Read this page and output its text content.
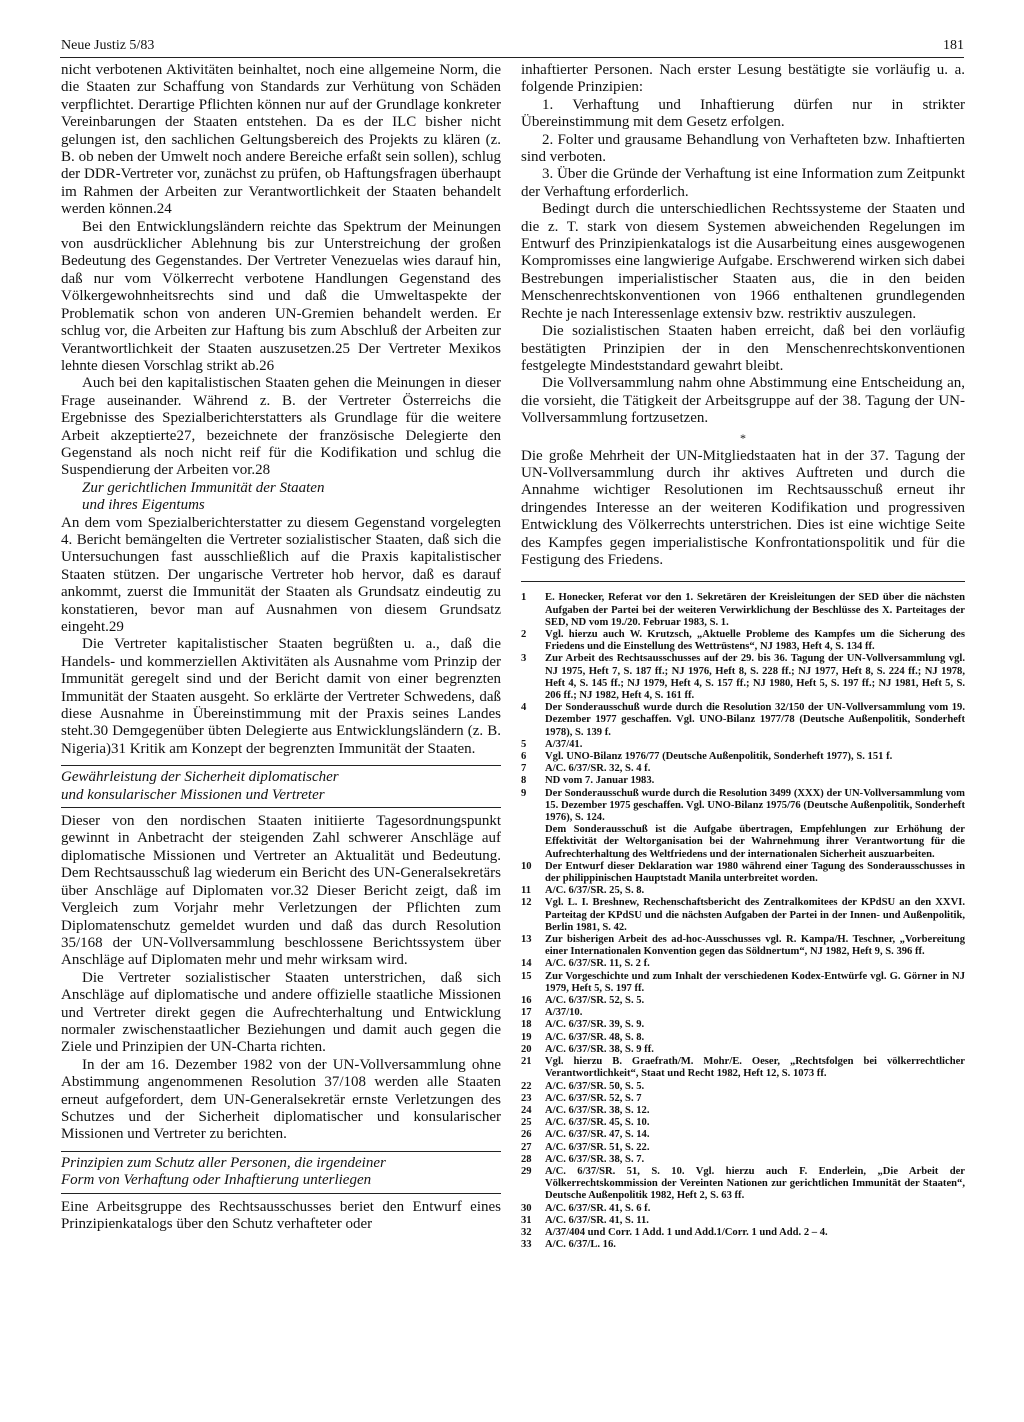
Neue Justiz 5/83	181

nicht verbotenen Aktivitäten beinhaltet, noch eine allgemeine Norm, die die Staaten zur Schaffung von Standards zur Verhütung von Schäden verpflichtet. Derartige Pflichten können nur auf der Grundlage konkreter Vereinbarungen der Staaten entstehen. Da es der ILC bisher nicht gelungen ist, den sachlichen Geltungsbereich des Projekts zu klären (z. B. ob neben der Umwelt noch andere Bereiche erfaßt sein sollen), schlug der DDR-Vertreter vor, zunächst zu prüfen, ob Haftungsfragen überhaupt im Rahmen der Arbeiten zur Verantwortlichkeit der Staaten behandelt werden können.24

Bei den Entwicklungsländern reichte das Spektrum der Meinungen von ausdrücklicher Ablehnung bis zur Unterstreichung der großen Bedeutung des Gegenstandes. Der Vertreter Venezuelas wies darauf hin, daß nur vom Völkerrecht verbotene Handlungen Gegenstand des Völkergewohnheitsrechts sind und daß die Umweltaspekte der Problematik schon von anderen UN-Gremien behandelt werden. Er schlug vor, die Arbeiten zur Haftung bis zum Abschluß der Arbeiten zur Verantwortlichkeit der Staaten auszusetzen.25 Der Vertreter Mexikos lehnte diesen Vorschlag strikt ab.26

Auch bei den kapitalistischen Staaten gehen die Meinungen in dieser Frage auseinander. Während z. B. der Vertreter Österreichs die Ergebnisse des Spezialberichterstatters als Grundlage für die weitere Arbeit akzeptierte27, bezeichnete der französische Delegierte den Gegenstand als noch nicht reif für die Kodifikation und schlug die Suspendierung der Arbeiten vor.28

Zur gerichtlichen Immunität der Staaten

und ihres Eigentums

An dem vom Spezialberichterstatter zu diesem Gegenstand vorgelegten 4. Bericht bemängelten die Vertreter sozialistischer Staaten, daß sich die Untersuchungen fast ausschließlich auf die Praxis kapitalistischer Staaten stützen. Der ungarische Vertreter hob hervor, daß es darauf ankommt, zuerst die Immunität der Staaten als Grundsatz eindeutig zu konstatieren, bevor man auf Ausnahmen von diesem Grundsatz eingeht.29

Die Vertreter kapitalistischer Staaten begrüßten u. a., daß die Handels- und kommerziellen Aktivitäten als Ausnahme vom Prinzip der Immunität geregelt sind und der Bericht damit von einer begrenzten Immunität der Staaten ausgeht. So erklärte der Vertreter Schwedens, daß diese Ausnahme in Übereinstimmung mit der Praxis seines Landes steht.30 Demgegenüber übten Delegierte aus Entwicklungsländern (z. B. Nigeria)31 Kritik am Konzept der begrenzten Immunität der Staaten.

Gewährleistung der Sicherheit diplomatischer
und konsularischer Missionen und Vertreter

Dieser von den nordischen Staaten initiierte Tagesordnungspunkt gewinnt in Anbetracht der steigenden Zahl schwerer Anschläge auf diplomatische Missionen und Vertreter an Aktualität und Bedeutung. Dem Rechtsausschuß lag wiederum ein Bericht des UN-Generalsekretärs über Anschläge auf Diplomaten vor.32 Dieser Bericht zeigt, daß im Vergleich zum Vorjahr mehr Verletzungen der Pflichten zum Diplomatenschutz gemeldet wurden und daß das durch Resolution 35/168 der UN-Vollversammlung beschlossene Berichtssystem über Anschläge auf Diplomaten mehr und mehr wirksam wird.

Die Vertreter sozialistischer Staaten unterstrichen, daß sich Anschläge auf diplomatische und andere offizielle staatliche Missionen und Vertreter direkt gegen die Aufrechterhaltung und Entwicklung normaler zwischenstaatlicher Beziehungen und damit auch gegen die Ziele und Prinzipien der UN-Charta richten.

In der am 16. Dezember 1982 von der UN-Vollversammlung ohne Abstimmung angenommenen Resolution 37/108 werden alle Staaten erneut aufgefordert, dem UN-Generalsekretär ernste Verletzungen des Schutzes und der Sicherheit diplomatischer und konsularischer Missionen und Vertreter zu berichten.

Prinzipien zum Schutz aller Personen, die irgendeiner
Form von Verhaftung oder Inhaftierung unterliegen

Eine Arbeitsgruppe des Rechtsausschusses beriet den Entwurf eines Prinzipienkatalogs über den Schutz verhafteter oder

inhaftierter Personen. Nach erster Lesung bestätigte sie vorläufig u. a. folgende Prinzipien:

1. Verhaftung und Inhaftierung dürfen nur in strikter Übereinstimmung mit dem Gesetz erfolgen.

2. Folter und grausame Behandlung von Verhafteten bzw. Inhaftierten sind verboten.

3. Über die Gründe der Verhaftung ist eine Information zum Zeitpunkt der Verhaftung erforderlich.

Bedingt durch die unterschiedlichen Rechtssysteme der Staaten und die z. T. stark von diesem Systemen abweichenden Regelungen im Entwurf des Prinzipienkatalogs ist die Ausarbeitung eines ausgewogenen Kompromisses eine langwierige Aufgabe. Erschwerend wirken sich dabei Bestrebungen imperialistischer Staaten aus, die in den beiden Menschenrechtskonventionen von 1966 enthaltenen grundlegenden Rechte je nach Interessenlage extensiv bzw. restriktiv auszulegen.

Die sozialistischen Staaten haben erreicht, daß bei den vorläufig bestätigten Prinzipien der in den Menschenrechtskonventionen festgelegte Mindeststandard gewahrt bleibt.

Die Vollversammlung nahm ohne Abstimmung eine Entscheidung an, die vorsieht, die Tätigkeit der Arbeitsgruppe auf der 38. Tagung der UN-Vollversammlung fortzusetzen.

*

Die große Mehrheit der UN-Mitgliedstaaten hat in der 37. Tagung der UN-Vollversammlung durch ihr aktives Auftreten und durch die Annahme wichtiger Resolutionen im Rechtsausschuß erneut ihr dringendes Interesse an der weiteren Kodifikation und progressiven Entwicklung des Völkerrechts unterstrichen. Dies ist eine wichtige Seite des Kampfes gegen imperialistische Konfrontationspolitik und für die Festigung des Friedens.

1	E. Honecker, Referat vor den 1. Sekretären der Kreisleitungen der SED über die nächsten Aufgaben der Partei bei der weiteren Verwirklichung der Beschlüsse des X. Parteitages der SED, ND vom 19./20. Februar 1983, S. 1.
2	Vgl. hierzu auch W. Krutzsch, „Aktuelle Probleme des Kampfes um die Sicherung des Friedens und die Einstellung des Wettrüstens“, NJ 1983, Heft 4, S. 134 ff.
3	Zur Arbeit des Rechtsausschusses auf der 29. bis 36. Tagung der UN-Vollversammlung vgl. NJ 1975, Heft 7, S. 187 ff.; NJ 1976, Heft 8, S. 228 ff.; NJ 1977, Heft 8, S. 224 ff.; NJ 1978, Heft 4, S. 145 ff.; NJ 1979, Heft 4, S. 157 ff.; NJ 1980, Heft 5, S. 197 ff.; NJ 1981, Heft 5, S. 206 ff.; NJ 1982, Heft 4, S. 161 ff.
4	Der Sonderausschuß wurde durch die Resolution 32/150 der UN-Vollversammlung vom 19. Dezember 1977 geschaffen. Vgl. UNO-Bilanz 1977/78 (Deutsche Außenpolitik, Sonderheft 1978), S. 139 f.
5	A/37/41.
6	Vgl. UNO-Bilanz 1976/77 (Deutsche Außenpolitik, Sonderheft 1977), S. 151 f.
7	A/C. 6/37/SR. 32, S. 4 f.
8	ND vom 7. Januar 1983.
9	Der Sonderausschuß wurde durch die Resolution 3499 (XXX) der UN-Vollversammlung vom 15. Dezember 1975 geschaffen. Vgl. UNO-Bilanz 1975/76 (Deutsche Außenpolitik, Sonderheft 1976), S. 124.
Dem Sonderausschuß ist die Aufgabe übertragen, Empfehlungen zur Erhöhung der Effektivität der Weltorganisation bei der Wahrnehmung ihrer Verantwortung für die Aufrechterhaltung des Weltfriedens und der internationalen Sicherheit auszuarbeiten.
10	Der Entwurf dieser Deklaration war 1980 während einer Tagung des Sonderausschusses in der philippinischen Hauptstadt Manila unterbreitet worden.
11	A/C. 6/37/SR. 25, S. 8.
12	Vgl. L. I. Breshnew, Rechenschaftsbericht des Zentralkomitees der KPdSU an den XXVI. Parteitag der KPdSU und die nächsten Aufgaben der Partei in der Innen- und Außenpolitik, Berlin 1981, S. 42.
13	Zur bisherigen Arbeit des ad-hoc-Ausschusses vgl. R. Kampa/H. Teschner, „Vorbereitung einer Internationalen Konvention gegen das Söldnertum“, NJ 1982, Heft 9, S. 396 ff.
14	A/C. 6/37/SR. 11, S. 2 f.
15	Zur Vorgeschichte und zum Inhalt der verschiedenen Kodex-Entwürfe vgl. G. Görner in NJ 1979, Heft 5, S. 197 ff.
16	A/C. 6/37/SR. 52, S. 5.
17	A/37/10.
18	A/C. 6/37/SR. 39, S. 9.
19	A/C. 6/37/SR. 48, S. 8.
20	A/C. 6/37/SR. 38, S. 9 ff.
21	Vgl. hierzu B. Graefrath/M. Mohr/E. Oeser, „Rechtsfolgen bei völkerrechtlicher Verantwortlichkeit“, Staat und Recht 1982, Heft 12, S. 1073 ff.
22	A/C. 6/37/SR. 50, S. 5.
23	A/C. 6/37/SR. 52, S. 7
24	A/C. 6/37/SR. 38, S. 12.
25	A/C. 6/37/SR. 45, S. 10.
26	A/C. 6/37/SR. 47, S. 14.
27	A/C. 6/37/SR. 51, S. 22.
28	A/C. 6/37/SR. 38, S. 7.
29	A/C. 6/37/SR. 51, S. 10. Vgl. hierzu auch F. Enderlein, „Die Arbeit der Völkerrechtskommission der Vereinten Nationen zur gerichtlichen Immunität der Staaten“, Deutsche Außenpolitik 1982, Heft 2, S. 63 ff.
30	A/C. 6/37/SR. 41, S. 6 f.
31	A/C. 6/37/SR. 41, S. 11.
32	A/37/404 und Corr. 1 Add. 1 und Add.1/Corr. 1 und Add. 2 – 4.
33	A/C. 6/37/L. 16.
